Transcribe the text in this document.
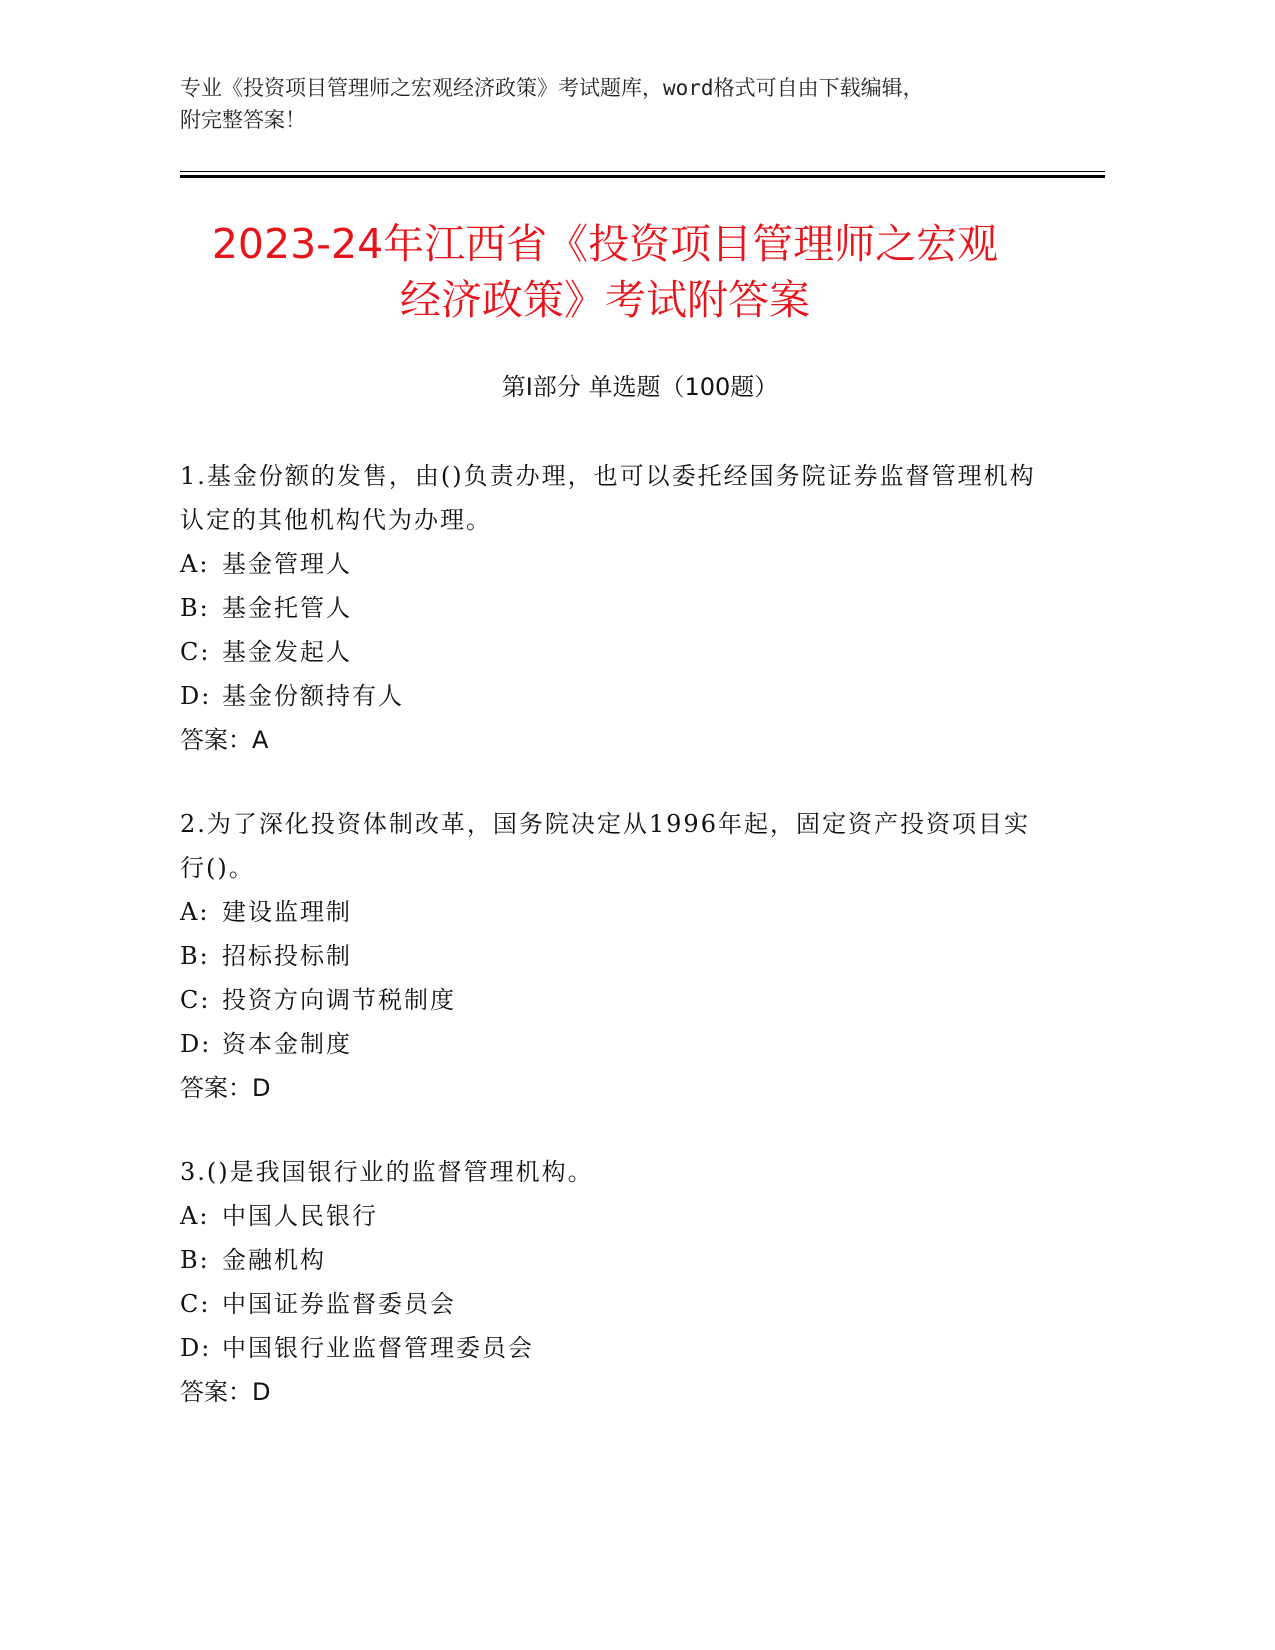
专业《投资项目管理师之宏观经济政策》考试题库，word格式可自由下载编辑，
附完整答案！
2023-24年江西省《投资项目管理师之宏观
经济政策》考试附答案
第I部分 单选题（100题）

1.基金份额的发售，由()负责办理，也可以委托经国务院证券监督管理机构认定的其他机构代为办理。

A: 基金管理人
B: 基金托管人
C: 基金发起人
D: 基金份额持有人

答案：A

2.为了深化投资体制改革，国务院决定从1996年起，固定资产投资项目实行()。

A: 建设监理制
B: 招标投标制
C: 投资方向调节税制度
D: 资本金制度

答案：D

3.()是我国银行业的监督管理机构。

A: 中国人民银行
B: 金融机构
C: 中国证券监督委员会
D: 中国银行业监督管理委员会

答案：D
